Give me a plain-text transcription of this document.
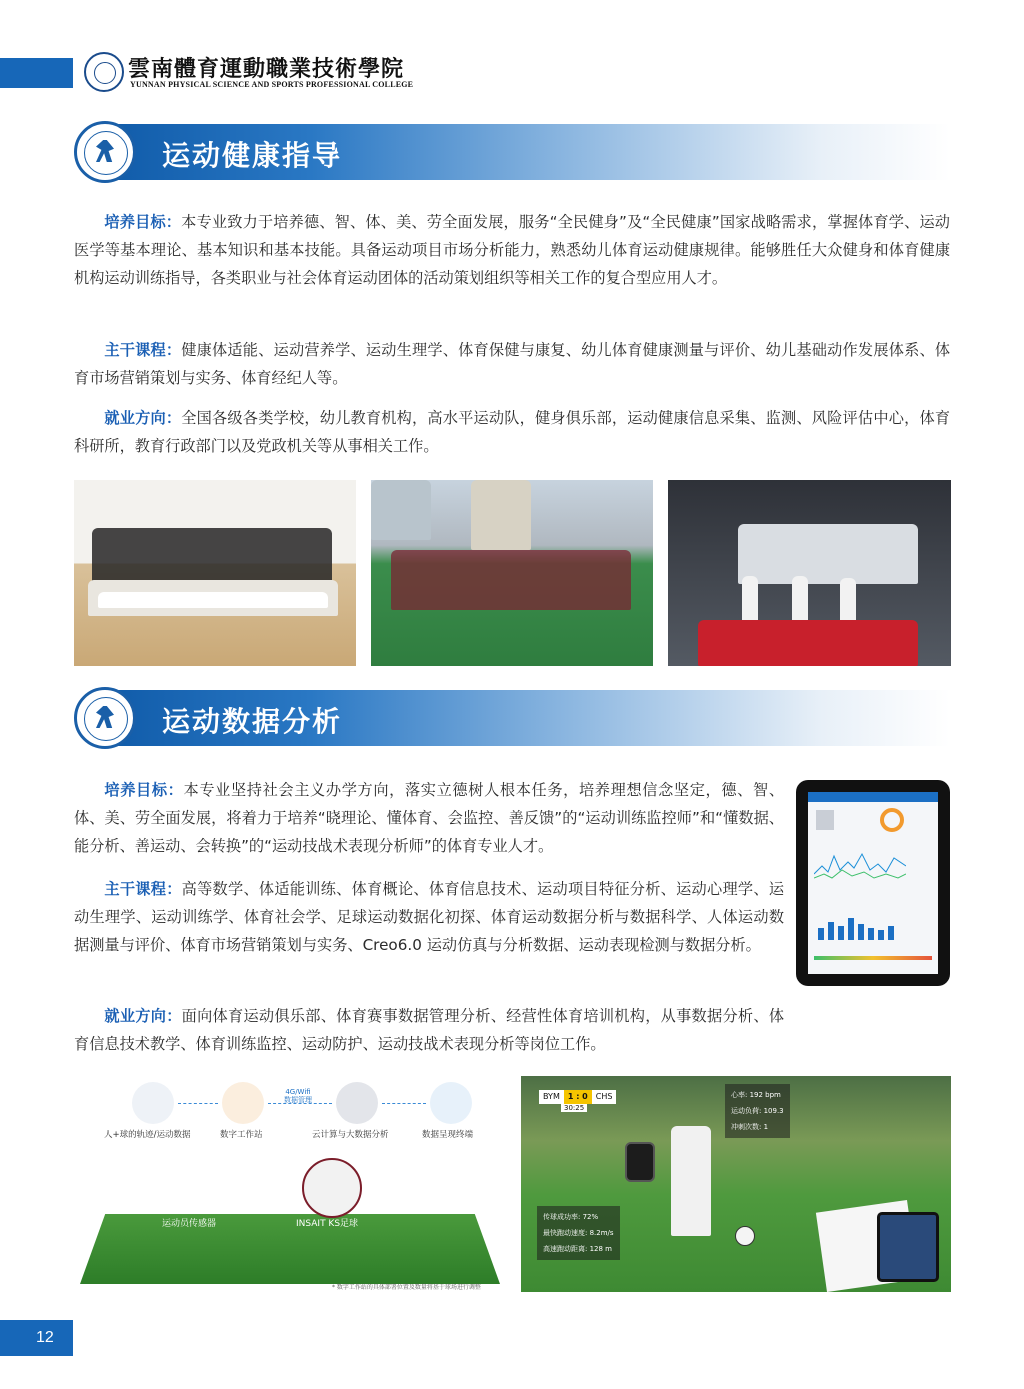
雲南體育運動職業技術學院
YUNNAN PHYSICAL SCIENCE AND SPORTS PROFESSIONAL COLLEGE
运动健康指导

培养目标：本专业致力于培养德、智、体、美、劳全面发展，服务“全民健身”及“全民健康”国家战略需求，掌握体育学、运动医学等基本理论、基本知识和基本技能。具备运动项目市场分析能力，熟悉幼儿体育运动健康规律。能够胜任大众健身和体育健康机构运动训练指导，各类职业与社会体育运动团体的活动策划组织等相关工作的复合型应用人才。

主干课程：健康体适能、运动营养学、运动生理学、体育保健与康复、幼儿体育健康测量与评价、幼儿基础动作发展体系、体育市场营销策划与实务、体育经纪人等。

就业方向：全国各级各类学校，幼儿教育机构，高水平运动队，健身俱乐部，运动健康信息采集、监测、风险评估中心，体育科研所，教育行政部门以及党政机关等从事相关工作。

运动数据分析

培养目标：本专业坚持社会主义办学方向，落实立德树人根本任务，培养理想信念坚定，德、智、体、美、劳全面发展，将着力于培养“晓理论、懂体育、会监控、善反馈”的“运动训练监控师”和“懂数据、能分析、善运动、会转换”的“运动技战术表现分析师”的体育专业人才。

主干课程：高等数学、体适能训练、体育概论、体育信息技术、运动项目特征分析、运动心理学、运动生理学、运动训练学、体育社会学、足球运动数据化初探、体育运动数据分析与数据科学、人体运动数据测量与评价、体育市场营销策划与实务、Creo6.0 运动仿真与分析数据、运动表现检测与数据分析。

就业方向：面向体育运动俱乐部、体育赛事数据管理分析、经营性体育培训机构，从事数据分析、体育信息技术教学、体育训练监控、运动防护、运动技战术表现分析等岗位工作。

4G/Wifi
数据管理
人+球的轨迹/运动数据	数字工作站	云计算与大数据分析	数据呈现终端
运动员传感器	INSAIT KS足球
* 数字工作站的具体部署位置及数量将基于球场进行调整
BYM	1 : 0	CHS
30:25
心率: 192 bpm
运动负荷: 109.3
冲刺次数: 1
传球成功率: 72%
最快跑动速度: 8.2m/s
高速跑动距离: 128 m
12
